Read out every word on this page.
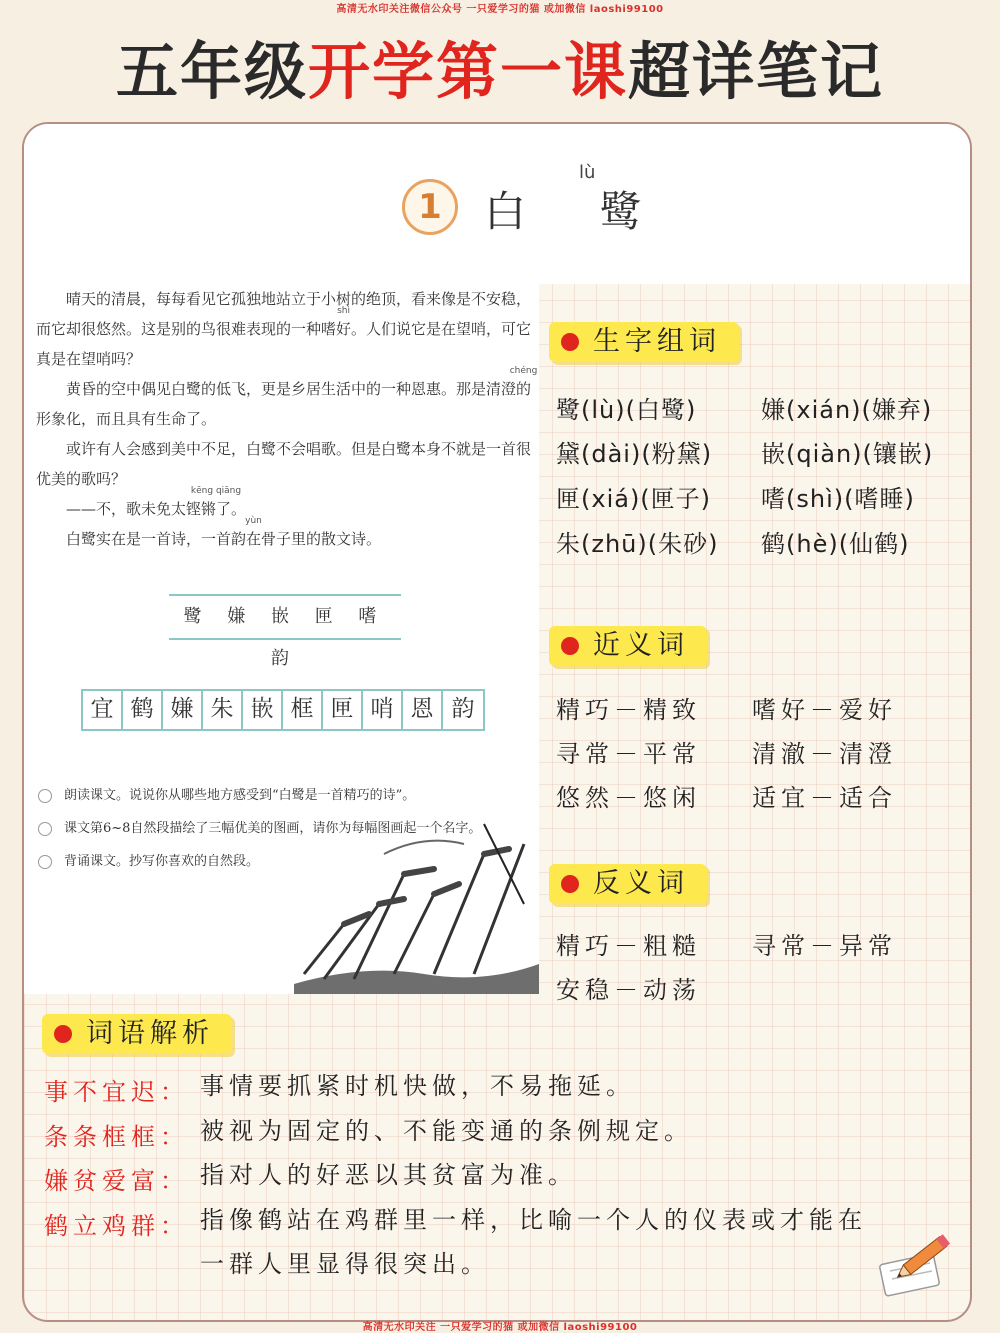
高清无水印关注微信公众号 一只爱学习的猫 或加微信 laoshi99100
五年级开学第一课超详笔记

晴天的清晨，每每看见它孤独地站立于小树的绝顶，看来像是不安稳，而它却很悠然。这是别的鸟很难表现的一种
shì
嗜好。人们说它是在望哨，可它真是在望哨吗？

黄昏的空中偶见白鹭的低飞，更是乡居生活中的一种恩惠。那是清
chéng
澄的形象化，而且具有生命了。

或许有人会感到美中不足，白鹭不会唱歌。但是白鹭本身不就是一首很优美的歌吗？

——不，歌未免太
kēng qiāng
铿锵了。

白鹭实在是一首诗，一首
yùn
韵在骨子里的散文诗。

鹭 嫌 嵌 匣 嗜 韵
宜 鹤 嫌 朱 嵌 框 匣 哨 恩 韵
朗读课文。说说你从哪些地方感受到“白鹭是一首精巧的诗”。
课文第6~8自然段描绘了三幅优美的图画，请你为每幅图画起一个名字。
背诵课文。抄写你喜欢的自然段。
1
lù
白 鹭
生字组词
鹭(lù)(白鹭)	嫌(xián)(嫌弃)
黛(dài)(粉黛) 嵌(qiàn)(镶嵌)
匣(xiá)(匣子) 嗜(shì)(嗜睡)
朱(zhū)(朱砂) 鹤(hè)(仙鹤)
近义词
精巧－精致 嗜好－爱好
寻常－平常 清澈－清澄
悠然－悠闲 适宜－适合
反义词
精巧－粗糙 寻常－异常
安稳－动荡
词语解析
事不宜迟： 事情要抓紧时机快做，不易拖延。
条条框框： 被视为固定的、不能变通的条例规定。
嫌贫爱富： 指对人的好恶以其贫富为准。
鹤立鸡群： 指像鹤站在鸡群里一样，比喻一个人的仪表或才能在一群人里显得很突出。
高清无水印关注 一只爱学习的猫 或加微信 laoshi99100
